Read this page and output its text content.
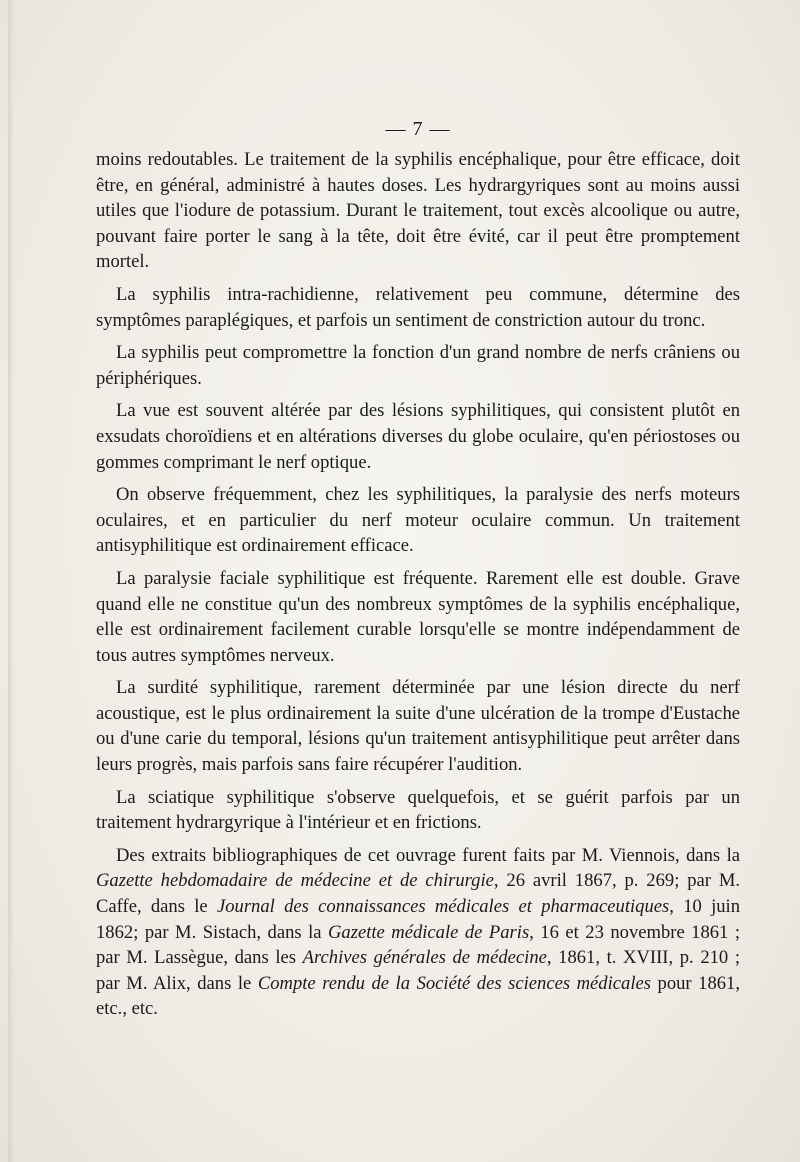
— 7 —

moins redoutables. Le traitement de la syphilis encéphalique, pour être efficace, doit être, en général, administré à hautes doses. Les hydrargyriques sont au moins aussi utiles que l'iodure de potassium. Durant le traitement, tout excès alcoolique ou autre, pouvant faire porter le sang à la tête, doit être évité, car il peut être promptement mortel.

La syphilis intra-rachidienne, relativement peu commune, détermine des symptômes paraplégiques, et parfois un sentiment de constriction autour du tronc.

La syphilis peut compromettre la fonction d'un grand nombre de nerfs crâniens ou périphériques.

La vue est souvent altérée par des lésions syphilitiques, qui consistent plutôt en exsudats choroïdiens et en altérations diverses du globe oculaire, qu'en périostoses ou gommes comprimant le nerf optique.

On observe fréquemment, chez les syphilitiques, la paralysie des nerfs moteurs oculaires, et en particulier du nerf moteur oculaire commun. Un traitement antisyphilitique est ordinairement efficace.

La paralysie faciale syphilitique est fréquente. Rarement elle est double. Grave quand elle ne constitue qu'un des nombreux symptômes de la syphilis encéphalique, elle est ordinairement facilement curable lorsqu'elle se montre indépendamment de tous autres symptômes nerveux.

La surdité syphilitique, rarement déterminée par une lésion directe du nerf acoustique, est le plus ordinairement la suite d'une ulcération de la trompe d'Eustache ou d'une carie du temporal, lésions qu'un traitement antisyphilitique peut arrêter dans leurs progrès, mais parfois sans faire récupérer l'audition.

La sciatique syphilitique s'observe quelquefois, et se guérit parfois par un traitement hydrargyrique à l'intérieur et en frictions.

Des extraits bibliographiques de cet ouvrage furent faits par M. Viennois, dans la Gazette hebdomadaire de médecine et de chirurgie, 26 avril 1867, p. 269; par M. Caffe, dans le Journal des connaissances médicales et pharmaceutiques, 10 juin 1862; par M. Sistach, dans la Gazette médicale de Paris, 16 et 23 novembre 1861 ; par M. Lassègue, dans les Archives générales de médecine, 1861, t. XVIII, p. 210 ; par M. Alix, dans le Compte rendu de la Société des sciences médicales pour 1861, etc., etc.
